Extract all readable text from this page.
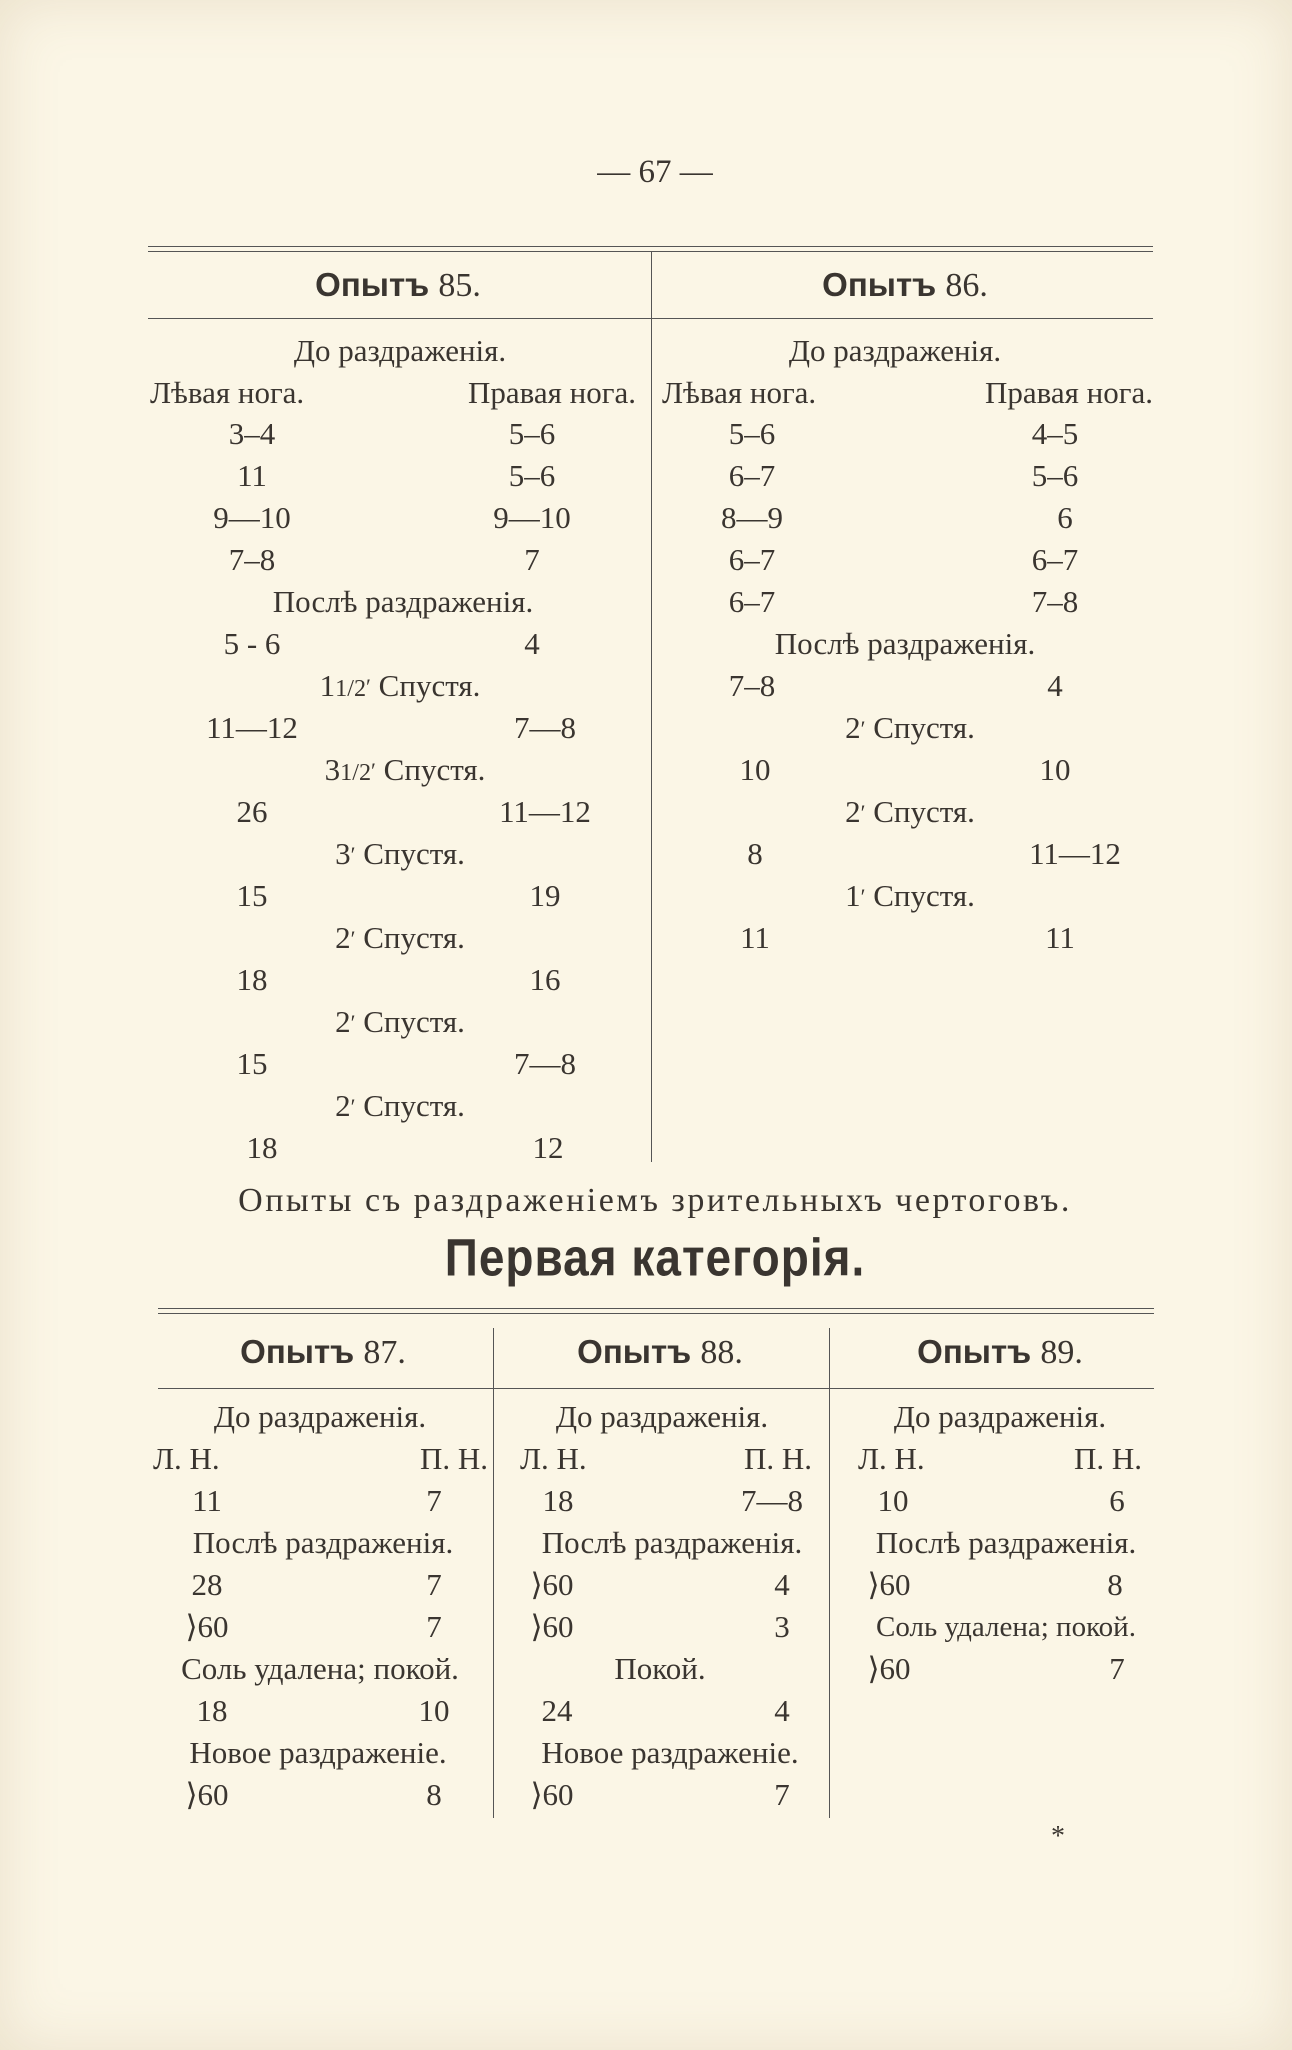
— 67 —
Опытъ 85.	Опытъ 86.
До раздраженія.
Лѣвая нога.	Правая нога.
3–4	5–6
11	5–6
9—10	9—10
7–8	7
Послѣ раздраженія.
5 - 6	4
11/2′ Спустя.
11—12	7—8
31/2′ Спустя.
26	11—12
3′ Спустя.
15	19
2′ Спустя.
18	16
2′ Спустя.
15	7—8
2′ Спустя.
18	12
До раздраженія.
Лѣвая нога.	Правая нога.
5–6	4–5
6–7	5–6
8—9	6
6–7	6–7
6–7	7–8
Послѣ раздраженія.
7–8	4
2′ Спустя.
10	10
2′ Спустя.
8	11—12
1′ Спустя.
11	11
Опыты съ раздраженіемъ зрительныхъ чертоговъ.
Первая категорія.
Опытъ 87.	Опытъ 88.	Опытъ 89.
До раздраженія.
Л. Н.	П. Н.
11	7
Послѣ раздраженія.
28	7
⟩60	7
Соль удалена; покой.
18	10
Новое раздраженіе.
⟩60	8
До раздраженія.
Л. Н.	П. Н.
18	7—8
Послѣ раздраженія.
⟩60	4
⟩60	3
Покой.
24	4
Новое раздраженіе.
⟩60	7
До раздраженія.
Л. Н.	П. Н.
10	6
Послѣ раздраженія.
⟩60	8
Соль удалена; покой.
⟩60	7
*
